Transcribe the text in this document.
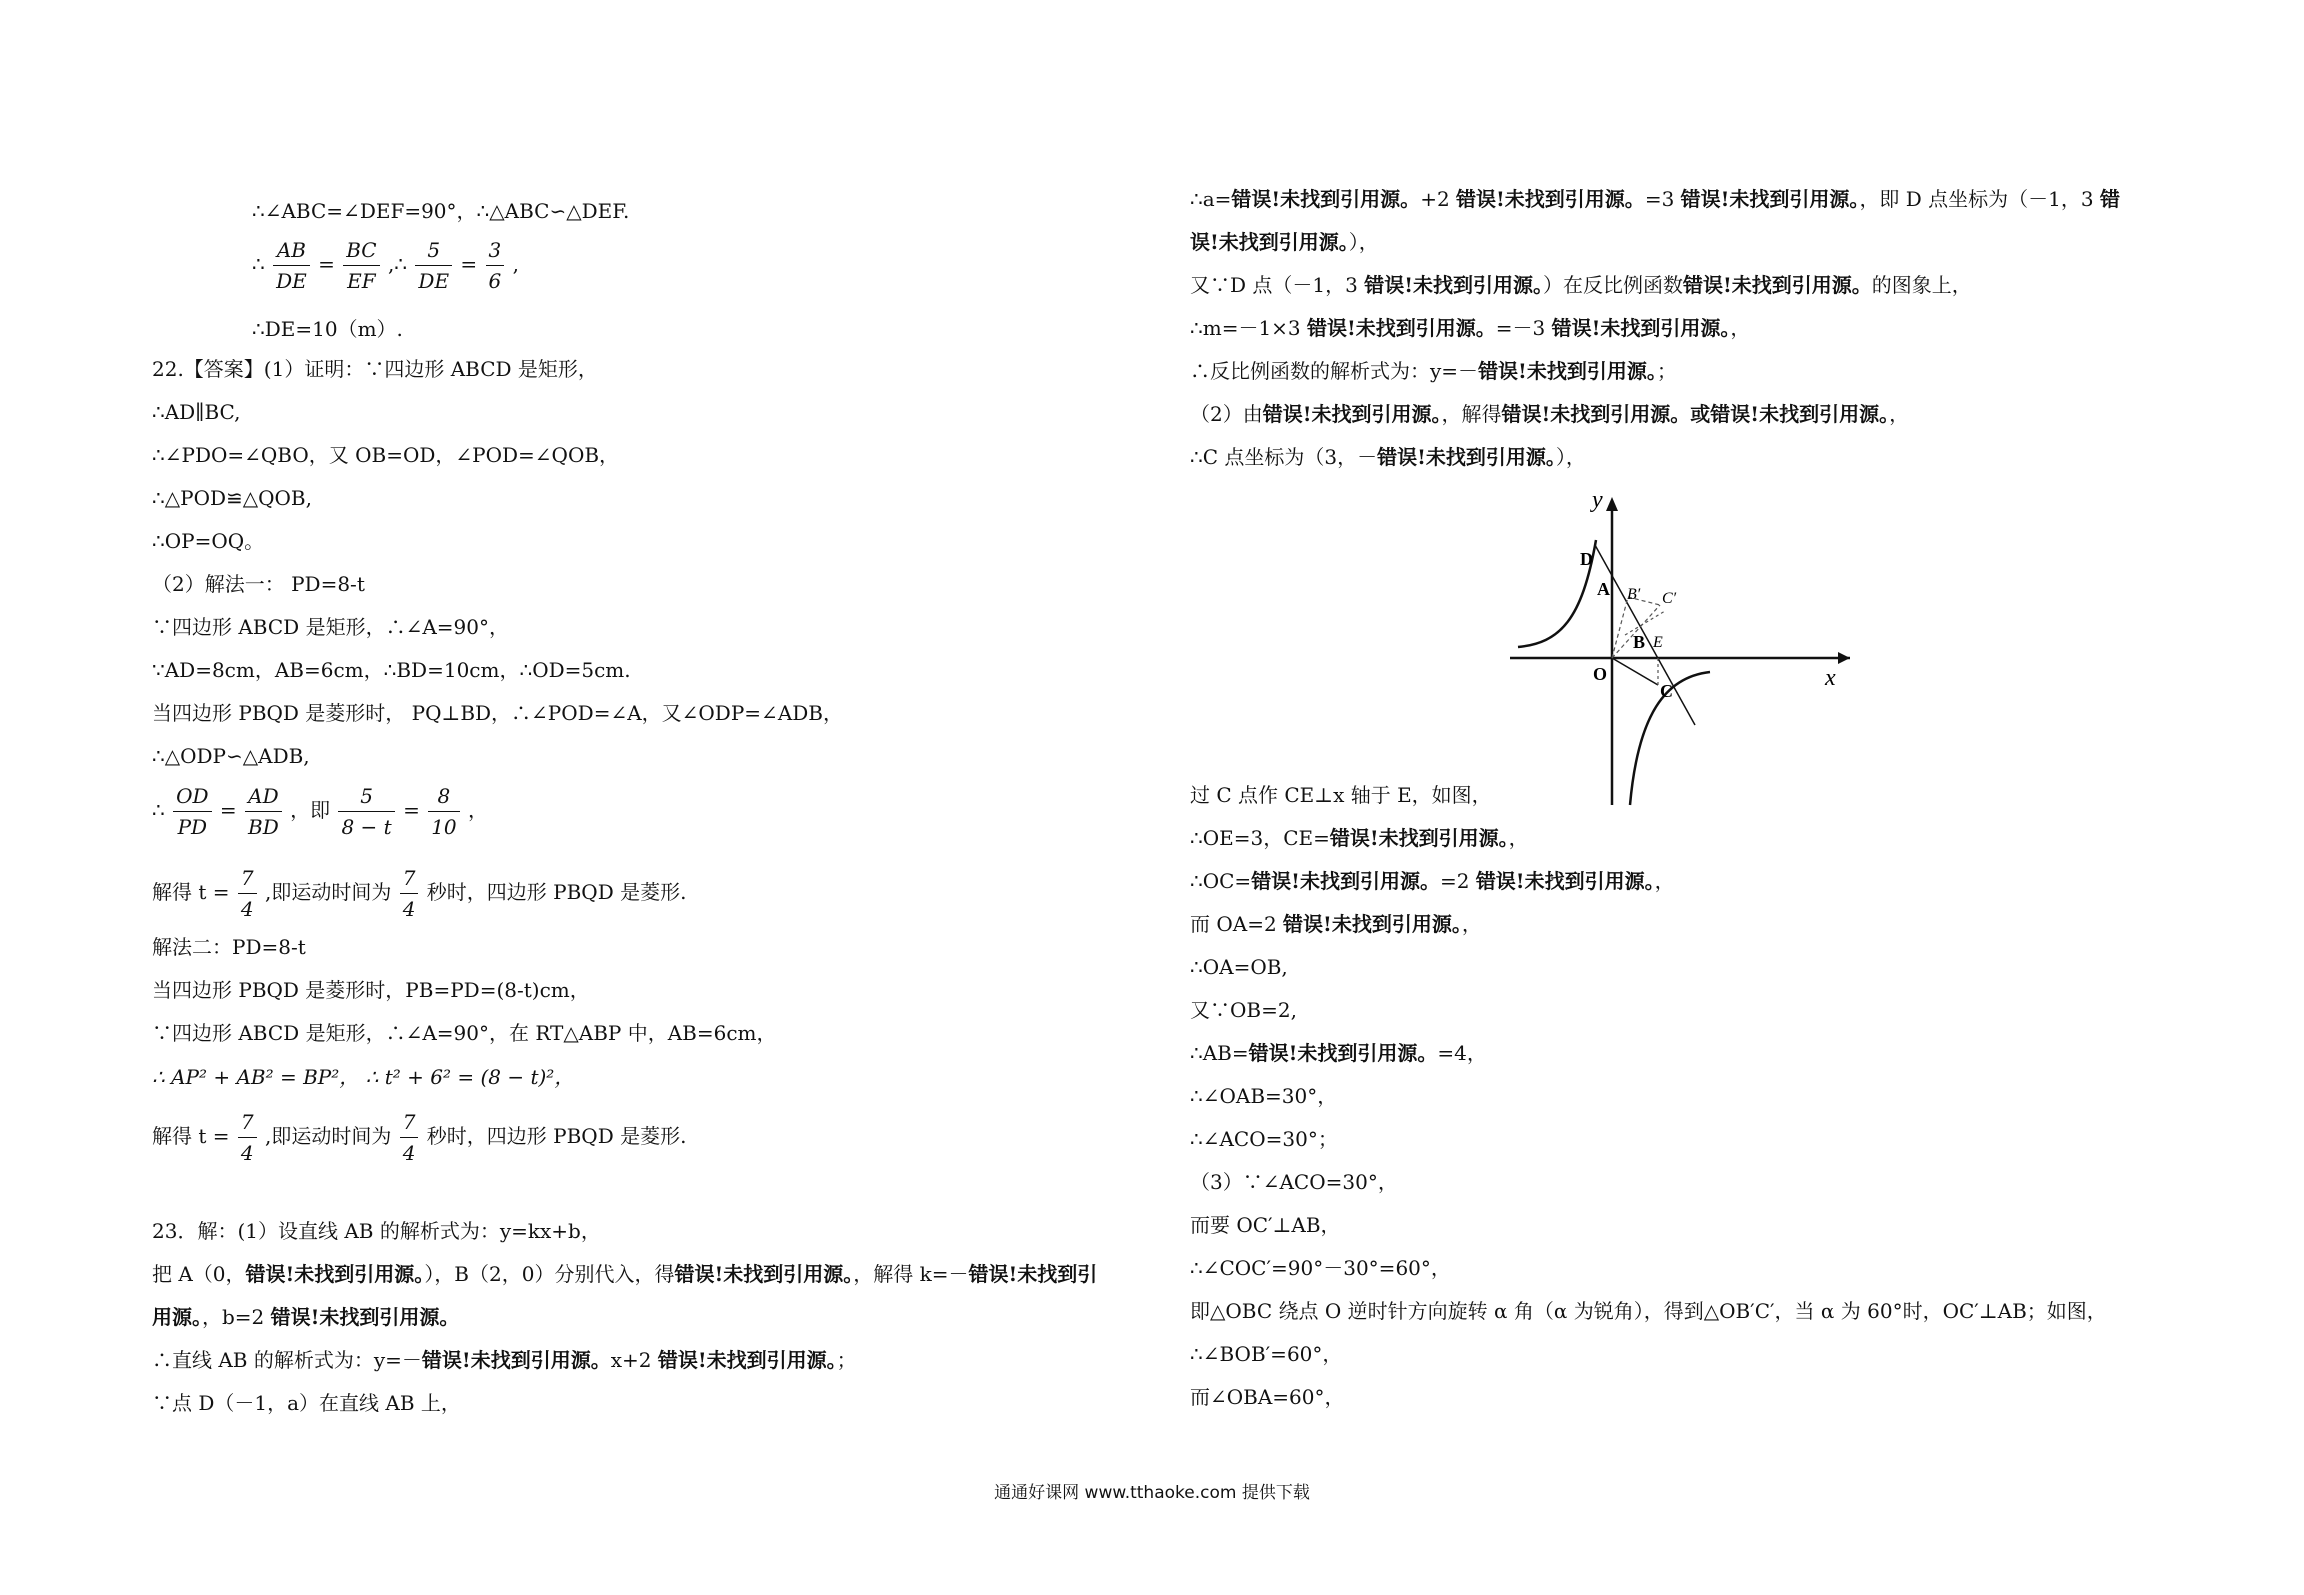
∴∠ABC=∠DEF=90°，∴△ABC∽△DEF.
∴ $\frac{AB}{DE} = \frac{BC}{EF}$ ,∴ $\frac{5}{DE} = \frac{3}{6}$ ,
∴DE=10（m）.
22.【答案】(1）证明：∵四边形 ABCD 是矩形，
∴AD∥BC,
∴∠PDO=∠QBO，又 OB=OD，∠POD=∠QOB，
∴△POD≌△QOB,
∴OP=OQ。
（2）解法一： PD=8-t
∵四边形 ABCD 是矩形，∴∠A=90°，
∵AD=8cm，AB=6cm，∴BD=10cm，∴OD=5cm.
当四边形 PBQD 是菱形时， PQ⊥BD，∴∠POD=∠A，又∠ODP=∠ADB，
∴△ODP∽△ADB,
∴ $\frac{OD}{PD} = \frac{AD}{BD}$ ，即 $\frac{5}{8 - t} = \frac{8}{10}$ ，
解得 $t = \frac{7}{4}$ ,即运动时间为 $\frac{7}{4}$ 秒时，四边形 PBQD 是菱形.
解法二：PD=8-t
当四边形 PBQD 是菱形时，PB=PD=(8-t)cm，
∵四边形 ABCD 是矩形，∴∠A=90°，在 RT△ABP 中，AB=6cm，
∴ AP² + AB² = BP²， ∴ t² + 6² = (8 − t)²，
解得 $t = \frac{7}{4}$ ,即运动时间为 $\frac{7}{4}$ 秒时，四边形 PBQD 是菱形.
23．解：(1）设直线 AB 的解析式为：y=kx+b，
把 A（0，错误!未找到引用源。），B（2，0）分别代入，得错误!未找到引用源。，解得 k=－错误!未找到引
用源。，b=2 错误!未找到引用源。
∴直线 AB 的解析式为：y=－错误!未找到引用源。x+2 错误!未找到引用源。；
∵点 D（－1，a）在直线 AB 上，
∴a=错误!未找到引用源。+2 错误!未找到引用源。=3 错误!未找到引用源。，即 D 点坐标为（－1，3 错
误!未找到引用源。），
又∵D 点（－1，3 错误!未找到引用源。）在反比例函数错误!未找到引用源。的图象上，
∴m=－1×3 错误!未找到引用源。=－3 错误!未找到引用源。，
∴反比例函数的解析式为：y=－错误!未找到引用源。；
（2）由错误!未找到引用源。，解得错误!未找到引用源。或错误!未找到引用源。，
∴C 点坐标为（3，－错误!未找到引用源。），
y
x
D
A B′ C′
B E
O
C
过 C 点作 CE⊥x 轴于 E，如图，
∴OE=3，CE=错误!未找到引用源。，
∴OC=错误!未找到引用源。=2 错误!未找到引用源。，
而 OA=2 错误!未找到引用源。，
∴OA=OB,
又∵OB=2,
∴AB=错误!未找到引用源。=4，
∴∠OAB=30°，
∴∠ACO=30°；
（3）∵∠ACO=30°，
而要 OC′⊥AB，
∴∠COC′=90°－30°=60°，
即△OBC 绕点 O 逆时针方向旋转 α 角（α 为锐角），得到△OB′C′，当 α 为 60°时，OC′⊥AB；如图，
∴∠BOB′=60°，
而∠OBA=60°，
通通好课网 www.tthaoke.com 提供下载
